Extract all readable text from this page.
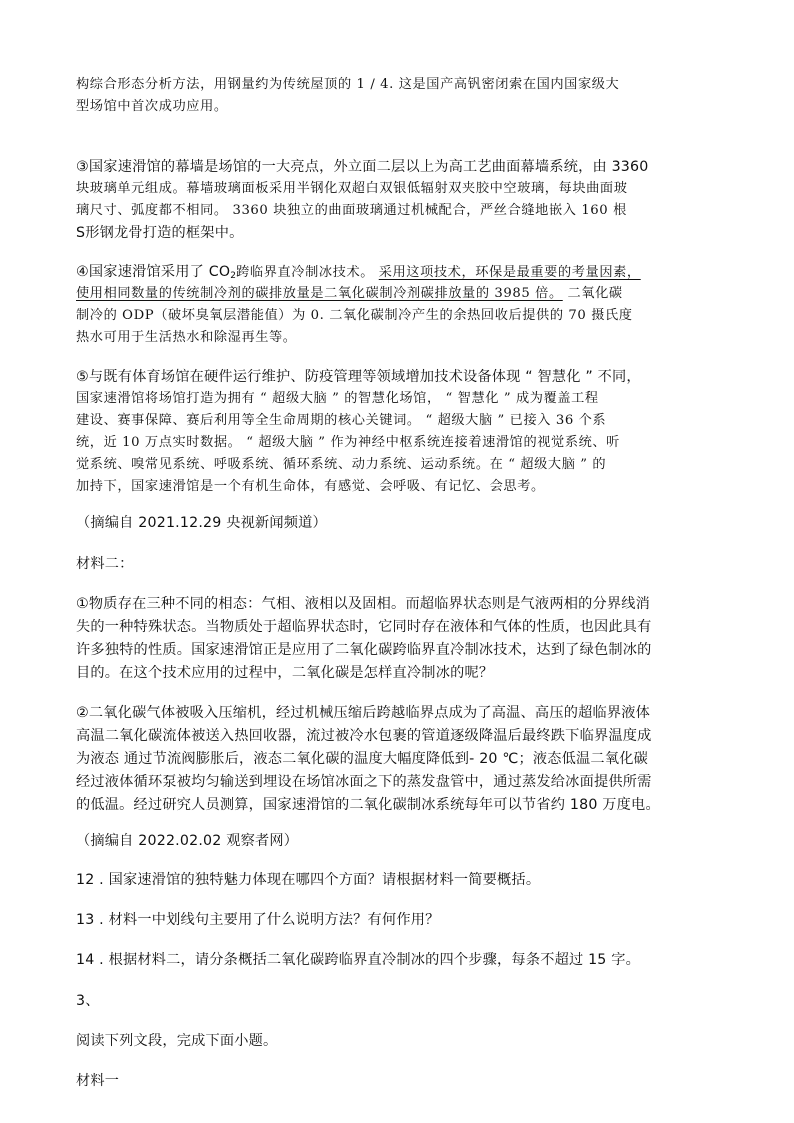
构综合形态分析方法，用钢量约为传统屋顶的 1 / 4. 这是国产高钒密闭索在国内国家级大
型场馆中首次成功应用。
③国家速滑馆的幕墙是场馆的一大亮点，外立面二层以上为高工艺曲面幕墙系统，由 3360
块玻璃单元组成。幕墙玻璃面板采用半钢化双超白双银低辐射双夹胶中空玻璃，每块曲面玻
璃尺寸、弧度都不相同。 3360 块独立的曲面玻璃通过机械配合，严丝合缝地嵌入 160 根
S形钢龙骨打造的框架中。
④国家速滑馆采用了 $CO_2$跨临界直冷制冰技术。 采用这项技术，环保是最重要的考量因素，
使用相同数量的传统制冷剂的碳排放量是二氧化碳制冷剂碳排放量的 3985 倍。 二氧化碳
制冷的 ODP（破坏臭氧层潜能值）为 0. 二氧化碳制冷产生的余热回收后提供的 70 摄氏度
热水可用于生活热水和除湿再生等。
⑤与既有体育场馆在硬件运行维护、防疫管理等领域增加技术设备体现 “ 智慧化 ” 不同，
国家速滑馆将场馆打造为拥有 “ 超级大脑 ” 的智慧化场馆， “ 智慧化 ” 成为覆盖工程
建设、赛事保障、赛后利用等全生命周期的核心关键词。 “ 超级大脑 ” 已接入 36 个系
统，近 10 万点实时数据。 “ 超级大脑 ” 作为神经中枢系统连接着速滑馆的视觉系统、听
觉系统、嗅常见系统、呼吸系统、循环系统、动力系统、运动系统。在 “ 超级大脑 ” 的
加持下，国家速滑馆是一个有机生命体，有感觉、会呼吸、有记忆、会思考。
（摘编自 2021.12.29 央视新闻频道）
材料二：
①物质存在三种不同的相态：气相、液相以及固相。而超临界状态则是气液两相的分界线消
失的一种特殊状态。当物质处于超临界状态时，它同时存在液体和气体的性质，也因此具有
许多独特的性质。国家速滑馆正是应用了二氧化碳跨临界直冷制冰技术，达到了绿色制冰的
目的。在这个技术应用的过程中，二氧化碳是怎样直冷制冰的呢？
②二氧化碳气体被吸入压缩机，经过机械压缩后跨越临界点成为了高温、高压的超临界液体
高温二氧化碳流体被送入热回收器，流过被冷水包裹的管道逐级降温后最终跌下临界温度成
为液态 通过节流阀膨胀后，液态二氧化碳的温度大幅度降低到- 20 ℃；液态低温二氧化碳
经过液体循环泵被均匀输送到埋设在场馆冰面之下的蒸发盘管中，通过蒸发给冰面提供所需
的低温。经过研究人员测算，国家速滑馆的二氧化碳制冰系统每年可以节省约 180 万度电。
（摘编自 2022.02.02 观察者网）
12 . 国家速滑馆的独特魅力体现在哪四个方面？请根据材料一简要概括。
13 . 材料一中划线句主要用了什么说明方法？有何作用？
14 . 根据材料二，请分条概括二氧化碳跨临界直冷制冰的四个步骤，每条不超过 15 字。
3、
阅读下列文段，完成下面小题。
材料一
